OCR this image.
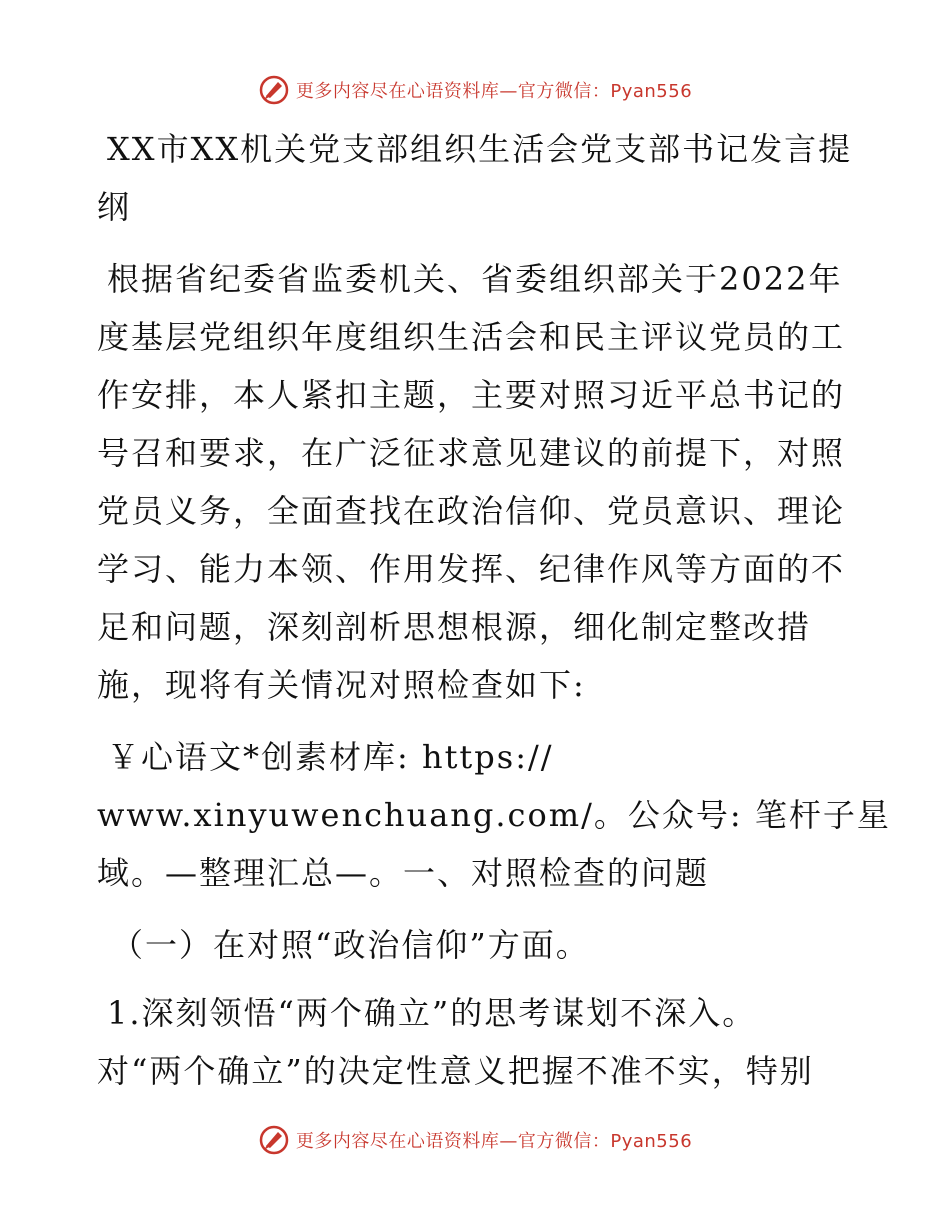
更多内容尽在心语资料库—官方微信：Pyan556
XX市XX机关党支部组织生活会党支部书记发言提
纲
根据省纪委省监委机关、省委组织部关于2022年
度基层党组织年度组织生活会和民主评议党员的工
作安排，本人紧扣主题，主要对照习近平总书记的
号召和要求，在广泛征求意见建议的前提下，对照
党员义务，全面查找在政治信仰、党员意识、理论
学习、能力本领、作用发挥、纪律作风等方面的不
足和问题，深刻剖析思想根源，细化制定整改措
施，现将有关情况对照检查如下:
￥心语文*创素材库: https://
www.xinyuwenchuang.com/。公众号: 笔杆子星
域。—整理汇总—。一、对照检查的问题
（一）在对照“政治信仰”方面。
1.深刻领悟“两个确立”的思考谋划不深入。
对“两个确立”的决定性意义把握不准不实，特别
更多内容尽在心语资料库—官方微信：Pyan556
